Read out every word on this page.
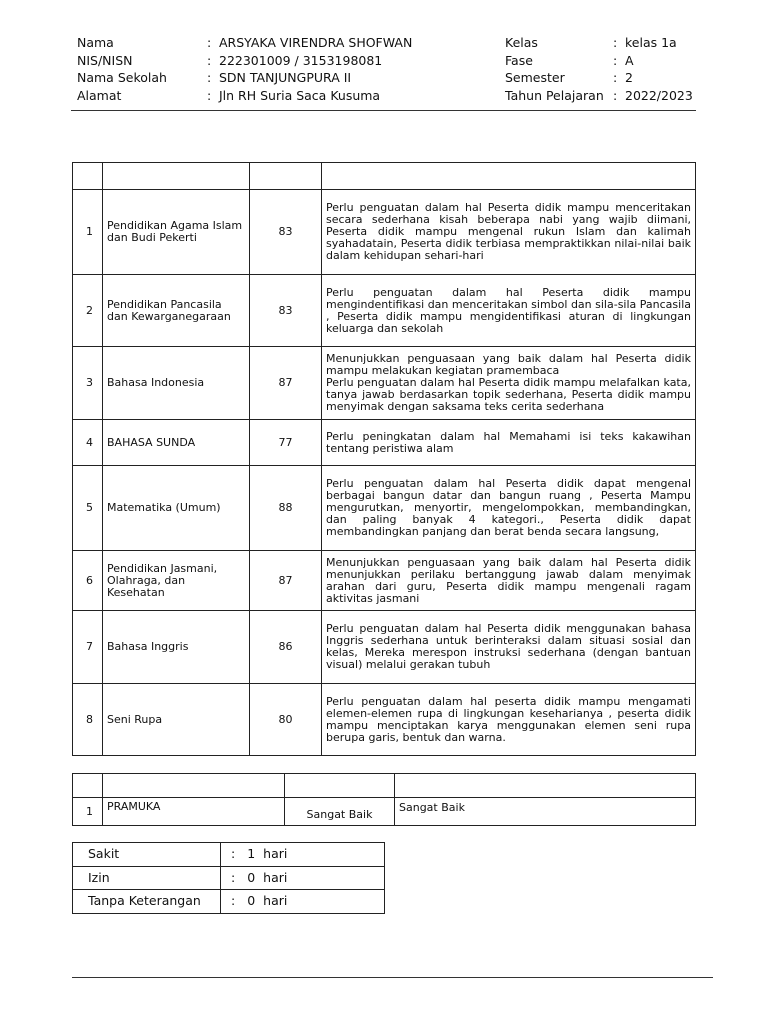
Nama	: ARSYAKA VIRENDRA SHOFWAN
NIS/NISN	: 222301009 / 3153198081
Nama Sekolah	: SDN TANJUNGPURA II
Alamat	: Jln RH Suria Saca Kusuma
Kelas	: kelas 1a
Fase	: A
Semester	: 2
Tahun Pelajaran : 2022/2023

1	Pendidikan Agama Islam dan Budi Pekerti	83	Perlu penguatan dalam hal Peserta didik mampu menceritakan secara sederhana kisah beberapa nabi yang wajib diimani, Peserta didik mampu mengenal rukun Islam dan kalimah syahadatain, Peserta didik terbiasa mempraktikkan nilai-nilai baik dalam kehidupan sehari-hari
2	Pendidikan Pancasila dan Kewarganegaraan	83	Perlu penguatan dalam hal Peserta didik mampu mengindentifikasi dan menceritakan simbol dan sila-sila Pancasila , Peserta didik mampu mengidentifikasi aturan di lingkungan keluarga dan sekolah
3	Bahasa Indonesia	87	Menunjukkan penguasaan yang baik dalam hal Peserta didik mampu melakukan kegiatan pramembaca
Perlu penguatan dalam hal Peserta didik mampu melafalkan kata, tanya jawab berdasarkan topik sederhana, Peserta didik mampu menyimak dengan saksama teks cerita sederhana
4	BAHASA SUNDA	77	Perlu peningkatan dalam hal Memahami isi teks kakawihan tentang peristiwa alam
5	Matematika (Umum)	88	Perlu penguatan dalam hal Peserta didik dapat mengenal berbagai bangun datar dan bangun ruang , Peserta Mampu mengurutkan, menyortir, mengelompokkan, membandingkan, dan paling banyak 4 kategori., Peserta didik dapat membandingkan panjang dan berat benda secara langsung,
6	Pendidikan Jasmani, Olahraga, dan Kesehatan	87	Menunjukkan penguasaan yang baik dalam hal Peserta didik menunjukkan perilaku bertanggung jawab dalam menyimak arahan dari guru, Peserta didik mampu mengenali ragam aktivitas jasmani
7	Bahasa Inggris	86	Perlu penguatan dalam hal Peserta didik menggunakan bahasa Inggris sederhana untuk berinteraksi dalam situasi sosial dan kelas, Mereka merespon instruksi sederhana (dengan bantuan visual) melalui gerakan tubuh
8	Seni Rupa	80	Perlu penguatan dalam hal peserta didik mampu mengamati elemen-elemen rupa di lingkungan keseharianya , peserta didik mampu menciptakan karya menggunakan elemen seni rupa berupa garis, bentuk dan warna.

1	PRAMUKA	Sangat Baik	Sangat Baik
Sakit	: 1 hari
Izin	: 0 hari
Tanpa Keterangan	: 0 hari
